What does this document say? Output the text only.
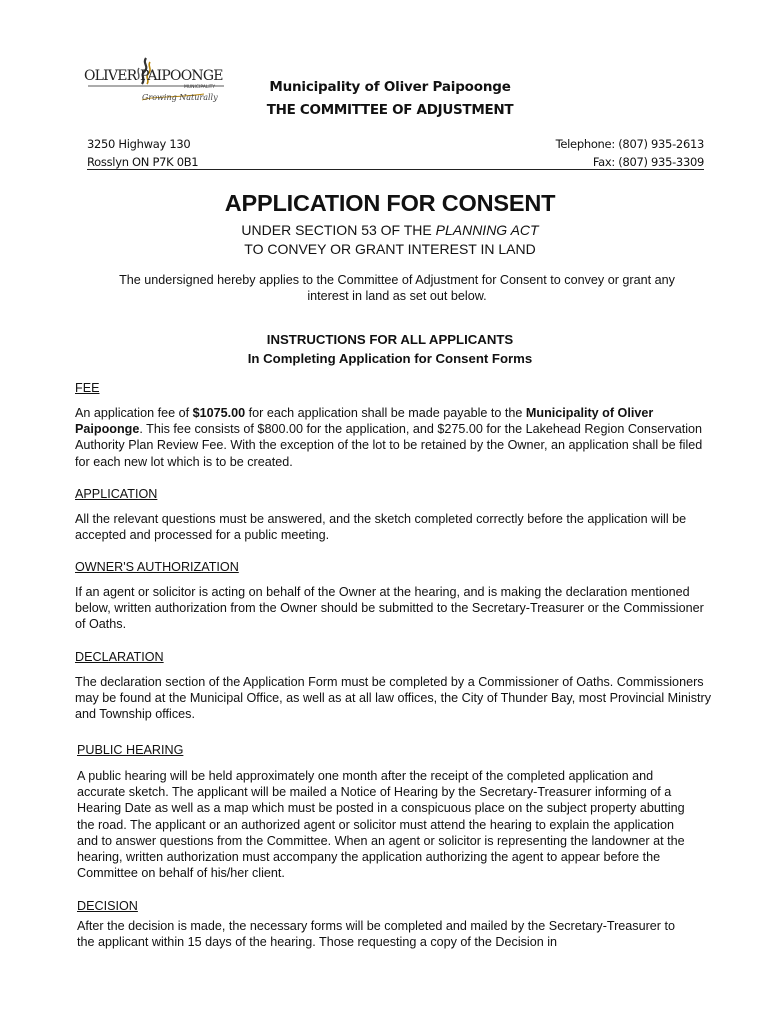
OLIVER PAIPOONGE
MUNICIPALITY
Growing Naturally
Municipality of Oliver Paipoonge
THE COMMITTEE OF ADJUSTMENT
3250 Highway 130
Rosslyn ON P7K 0B1
Telephone: (807) 935-2613
Fax: (807) 935-3309
APPLICATION FOR CONSENT
UNDER SECTION 53 OF THE PLANNING ACT
TO CONVEY OR GRANT INTEREST IN LAND
The undersigned hereby applies to the Committee of Adjustment for Consent to convey or grant any
interest in land as set out below.
INSTRUCTIONS FOR ALL APPLICANTS
In Completing Application for Consent Forms
FEE
An application fee of $1075.00 for each application shall be made payable to the Municipality of Oliver Paipoonge. This fee consists of $800.00 for the application, and $275.00 for the Lakehead Region Conservation Authority Plan Review Fee. With the exception of the lot to be retained by the Owner, an application shall be filed for each new lot which is to be created.
APPLICATION
All the relevant questions must be answered, and the sketch completed correctly before the application will be accepted and processed for a public meeting.
OWNER'S AUTHORIZATION
If an agent or solicitor is acting on behalf of the Owner at the hearing, and is making the declaration mentioned below, written authorization from the Owner should be submitted to the Secretary-Treasurer or the Commissioner of Oaths.
DECLARATION
The declaration section of the Application Form must be completed by a Commissioner of Oaths. Commissioners may be found at the Municipal Office, as well as at all law offices, the City of Thunder Bay, most Provincial Ministry and Township offices.
PUBLIC HEARING
A public hearing will be held approximately one month after the receipt of the completed application and accurate sketch. The applicant will be mailed a Notice of Hearing by the Secretary-Treasurer informing of a Hearing Date as well as a map which must be posted in a conspicuous place on the subject property abutting the road. The applicant or an authorized agent or solicitor must attend the hearing to explain the application and to answer questions from the Committee. When an agent or solicitor is representing the landowner at the hearing, written authorization must accompany the application authorizing the agent to appear before the Committee on behalf of his/her client.
DECISION
After the decision is made, the necessary forms will be completed and mailed by the Secretary-Treasurer to the applicant within 15 days of the hearing. Those requesting a copy of the Decision in
